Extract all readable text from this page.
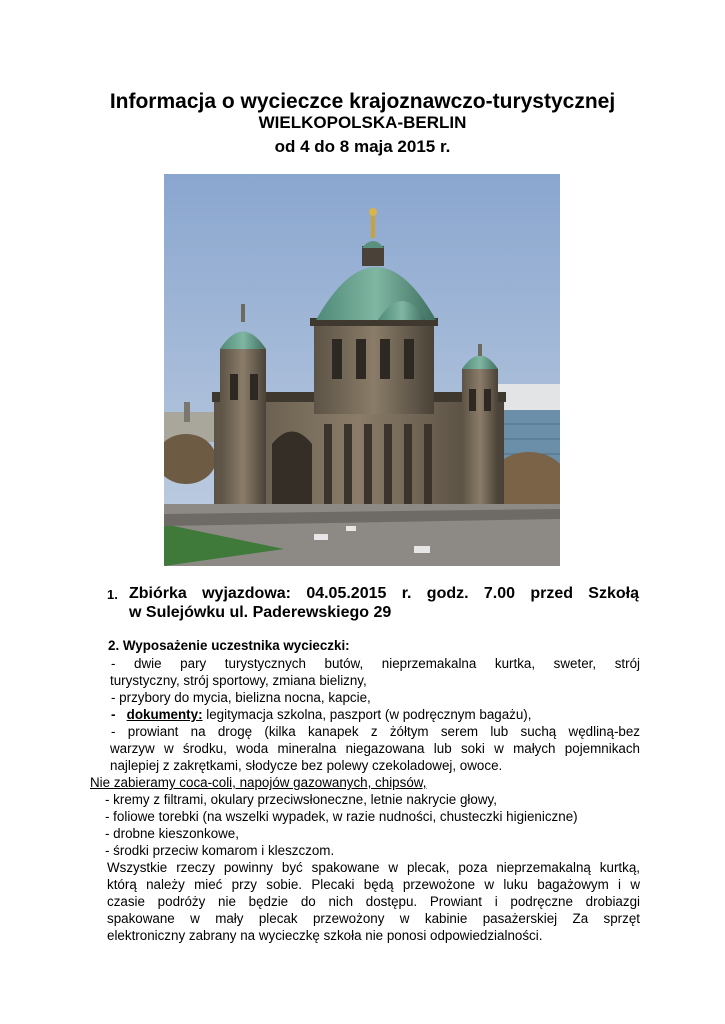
Informacja o wycieczce krajoznawczo-turystycznej
WIELKOPOLSKA-BERLIN
od 4 do 8 maja 2015 r.
1. Zbiórka wyjazdowa: 04.05.2015 r. godz. 7.00 przed Szkołą
w Sulejówku ul. Paderewskiego 29
2. Wyposażenie uczestnika wycieczki:
- dwie pary turystycznych butów, nieprzemakalna kurtka, sweter, strój
turystyczny, strój sportowy, zmiana bielizny,
- przybory do mycia, bielizna nocna, kapcie,
- dokumenty: legitymacja szkolna, paszport (w podręcznym bagażu),
- prowiant na drogę (kilka kanapek z żółtym serem lub suchą wędliną-bez
warzyw w środku, woda mineralna niegazowana lub soki w małych pojemnikach
najlepiej z zakrętkami, słodycze bez polewy czekoladowej, owoce.
Nie zabieramy coca-coli, napojów gazowanych, chipsów,
- kremy z filtrami, okulary przeciwsłoneczne, letnie nakrycie głowy,
- foliowe torebki (na wszelki wypadek, w razie nudności, chusteczki higieniczne)
- drobne kieszonkowe,
- środki przeciw komarom i kleszczom.
Wszystkie rzeczy powinny być spakowane w plecak, poza nieprzemakalną kurtką,
którą należy mieć przy sobie. Plecaki będą przewożone w luku bagażowym i w
czasie podróży nie będzie do nich dostępu. Prowiant i podręczne drobiazgi
spakowane w mały plecak przewożony w kabinie pasażerskiej Za sprzęt
elektroniczny zabrany na wycieczkę szkoła nie ponosi odpowiedzialności.
